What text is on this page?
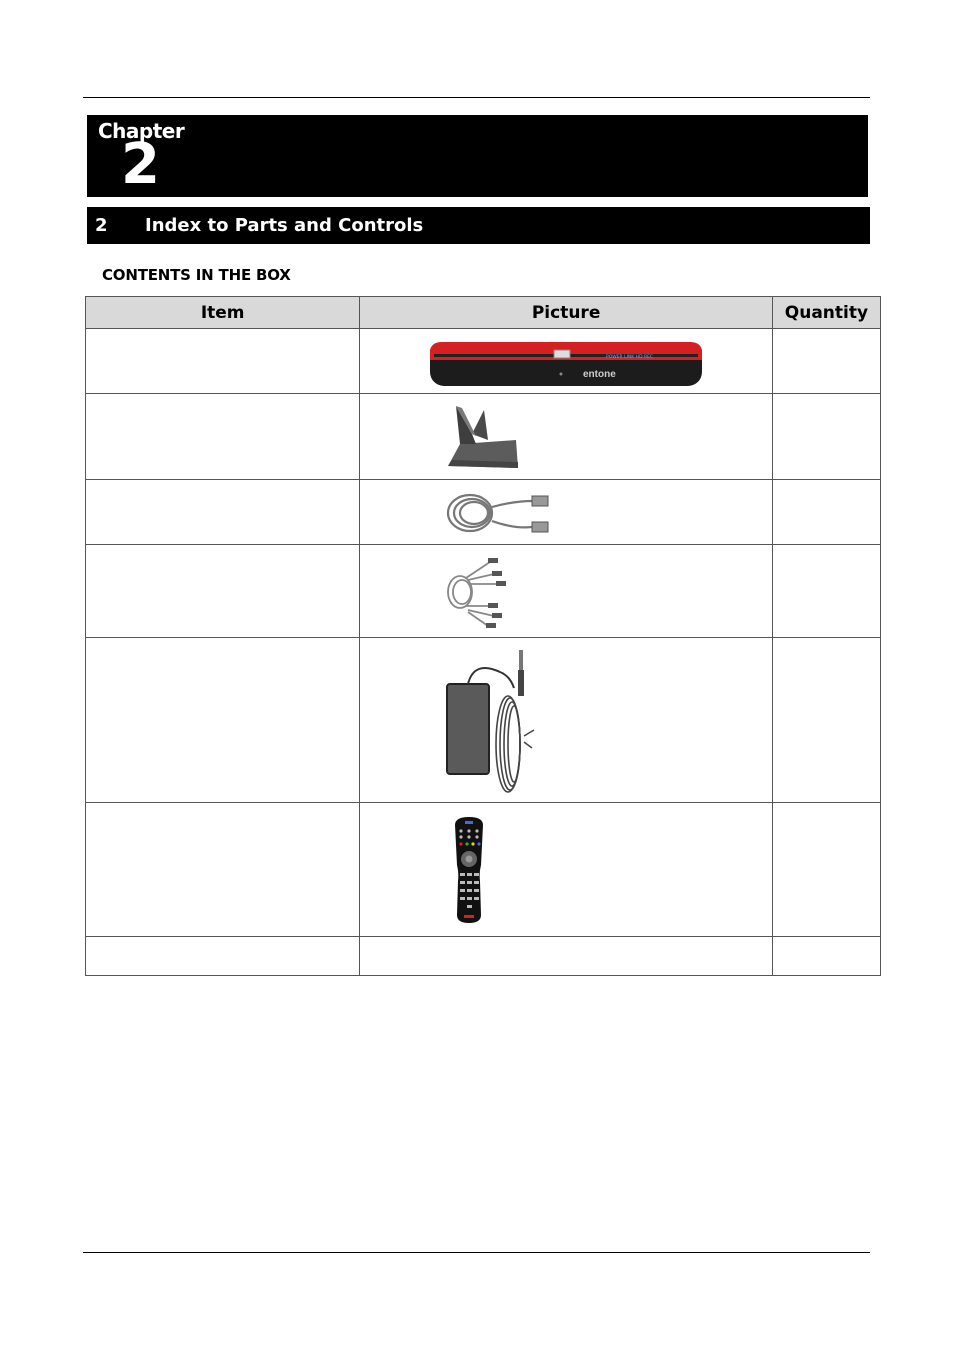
Chapter
2
2 Index to Parts and Controls
CONTENTS IN THE BOX
Item	Picture	Quantity

POWER LINK HD REC
entone	
